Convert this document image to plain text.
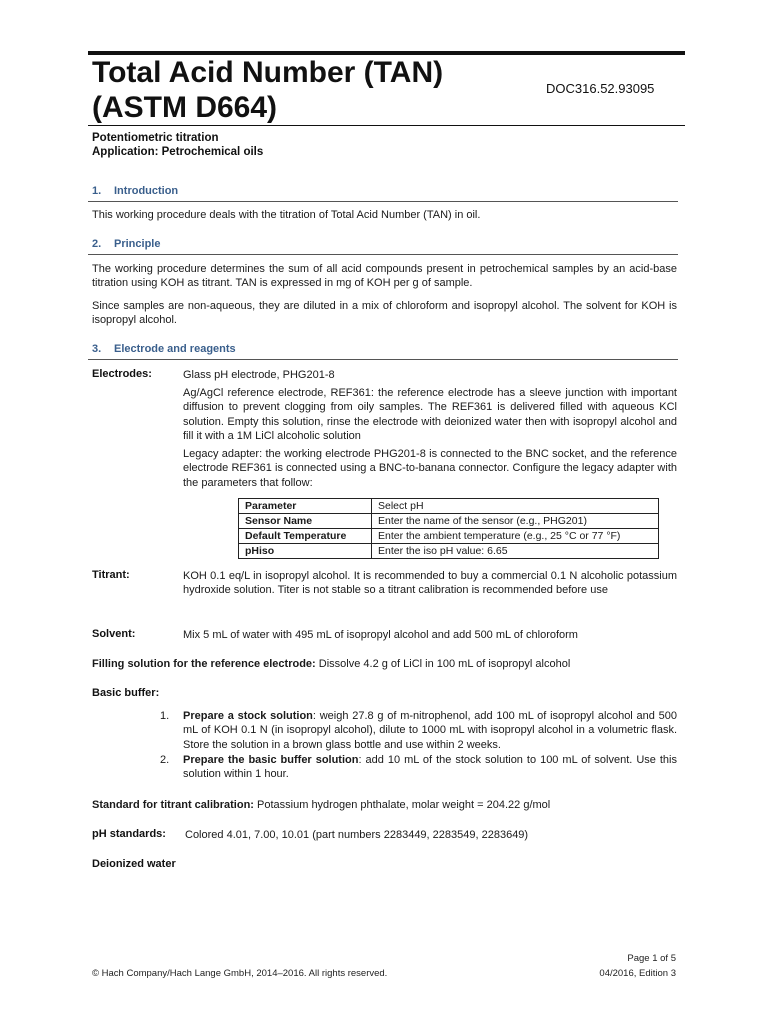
Total Acid Number (TAN)
(ASTM D664)
DOC316.52.93095
Potentiometric titration
Application: Petrochemical oils
1. Introduction
This working procedure deals with the titration of Total Acid Number (TAN) in oil.
2. Principle
The working procedure determines the sum of all acid compounds present in petrochemical samples by an acid-base titration using KOH as titrant. TAN is expressed in mg of KOH per g of sample.
Since samples are non-aqueous, they are diluted in a mix of chloroform and isopropyl alcohol. The solvent for KOH is isopropyl alcohol.
3. Electrode and reagents
Electrodes:	Glass pH electrode, PHG201-8
Ag/AgCl reference electrode, REF361: the reference electrode has a sleeve junction with important diffusion to prevent clogging from oily samples. The REF361 is delivered filled with aqueous KCl solution. Empty this solution, rinse the electrode with deionized water then with isopropyl alcohol and fill it with a 1M LiCl alcoholic solution
Legacy adapter: the working electrode PHG201-8 is connected to the BNC socket, and the reference electrode REF361 is connected using a BNC-to-banana connector. Configure the legacy adapter with the parameters that follow:
Parameter	Select pH
Sensor Name	Enter the name of the sensor (e.g., PHG201)
Default Temperature	Enter the ambient temperature (e.g., 25 °C or 77 °F)
pHiso	Enter the iso pH value: 6.65
Titrant:	KOH 0.1 eq/L in isopropyl alcohol. It is recommended to buy a commercial 0.1 N alcoholic potassium hydroxide solution. Titer is not stable so a titrant calibration is recommended before use
Solvent:	Mix 5 mL of water with 495 mL of isopropyl alcohol and add 500 mL of chloroform
Filling solution for the reference electrode: Dissolve 4.2 g of LiCl in 100 mL of isopropyl alcohol
Basic buffer:
1. Prepare a stock solution: weigh 27.8 g of m-nitrophenol, add 100 mL of isopropyl alcohol and 500 mL of KOH 0.1 N (in isopropyl alcohol), dilute to 1000 mL with isopropyl alcohol in a volumetric flask. Store the solution in a brown glass bottle and use within 2 weeks.
2. Prepare the basic buffer solution: add 10 mL of the stock solution to 100 mL of solvent. Use this solution within 1 hour.
Standard for titrant calibration: Potassium hydrogen phthalate, molar weight = 204.22 g/mol
pH standards: Colored 4.01, 7.00, 10.01 (part numbers 2283449, 2283549, 2283649)
Deionized water
Page 1 of 5
© Hach Company/Hach Lange GmbH, 2014–2016. All rights reserved.	04/2016, Edition 3
